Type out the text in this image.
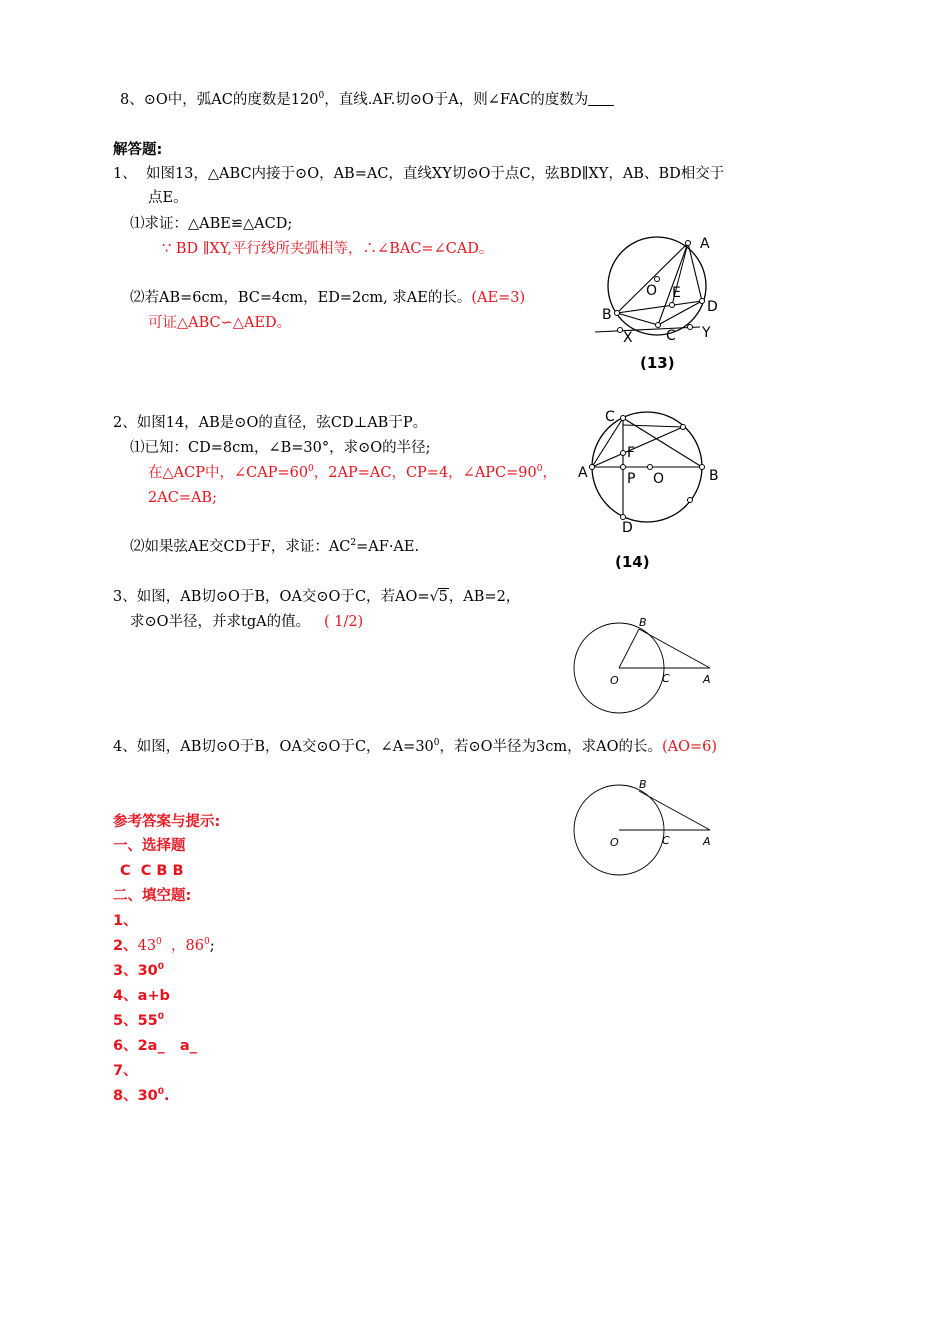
8、⊙O中，弧AC的度数是$120^0$，直线.AF.切⊙O于A，则∠FAC的度数为
解答题:
1、 如图13，△ABC内接于⊙O，AB=AC，直线XY切⊙O于点C，弦BD∥XY，AB、BD相交于
点E。
⑴求证：△ABE≌△ACD;
∵ BD ∥XY,平行线所夹弧相等，∴∠BAC=∠CAD。
⑵若AB=6cm，BC=4cm，ED=2cm, 求AE的长。(AE=3)
可证△ABC∽△AED。
A
B
C
D
E
O
X	Y
(13)
2、如图14，AB是⊙O的直径，弦CD⊥AB于P。
⑴已知：CD=8cm，∠B=30°，求⊙O的半径;
在△ACP中，$\angle CAP=60^0$，2AP=AC，CP=4，$\angle APC=90^0$，
2AC=AB;
⑵如果弦AE交CD于F，求证：$AC^2=AF\cdot AE$.
A	B
C
D
F
P O
(14)
3、如图，AB切⊙O于B，OA交⊙O于C，若AO= √ 5，AB=2，
求⊙O半径，并求tgA的值。 ( 1/2)
O
B
C	A
4、如图，AB切⊙O于B，OA交⊙O于C，$\angle A=30^0$，若⊙O半径为3cm，求AO的长。(AO=6)
O
B
C	A
参考答案与提示:
一、选择题
C  C B B
二、填空题:
1、
2、$43^0$  ，$86^0$;
3、$30^0$
4、a+b
5、$55^0$
6、2a_   a_
7、
8、$30^0$.
